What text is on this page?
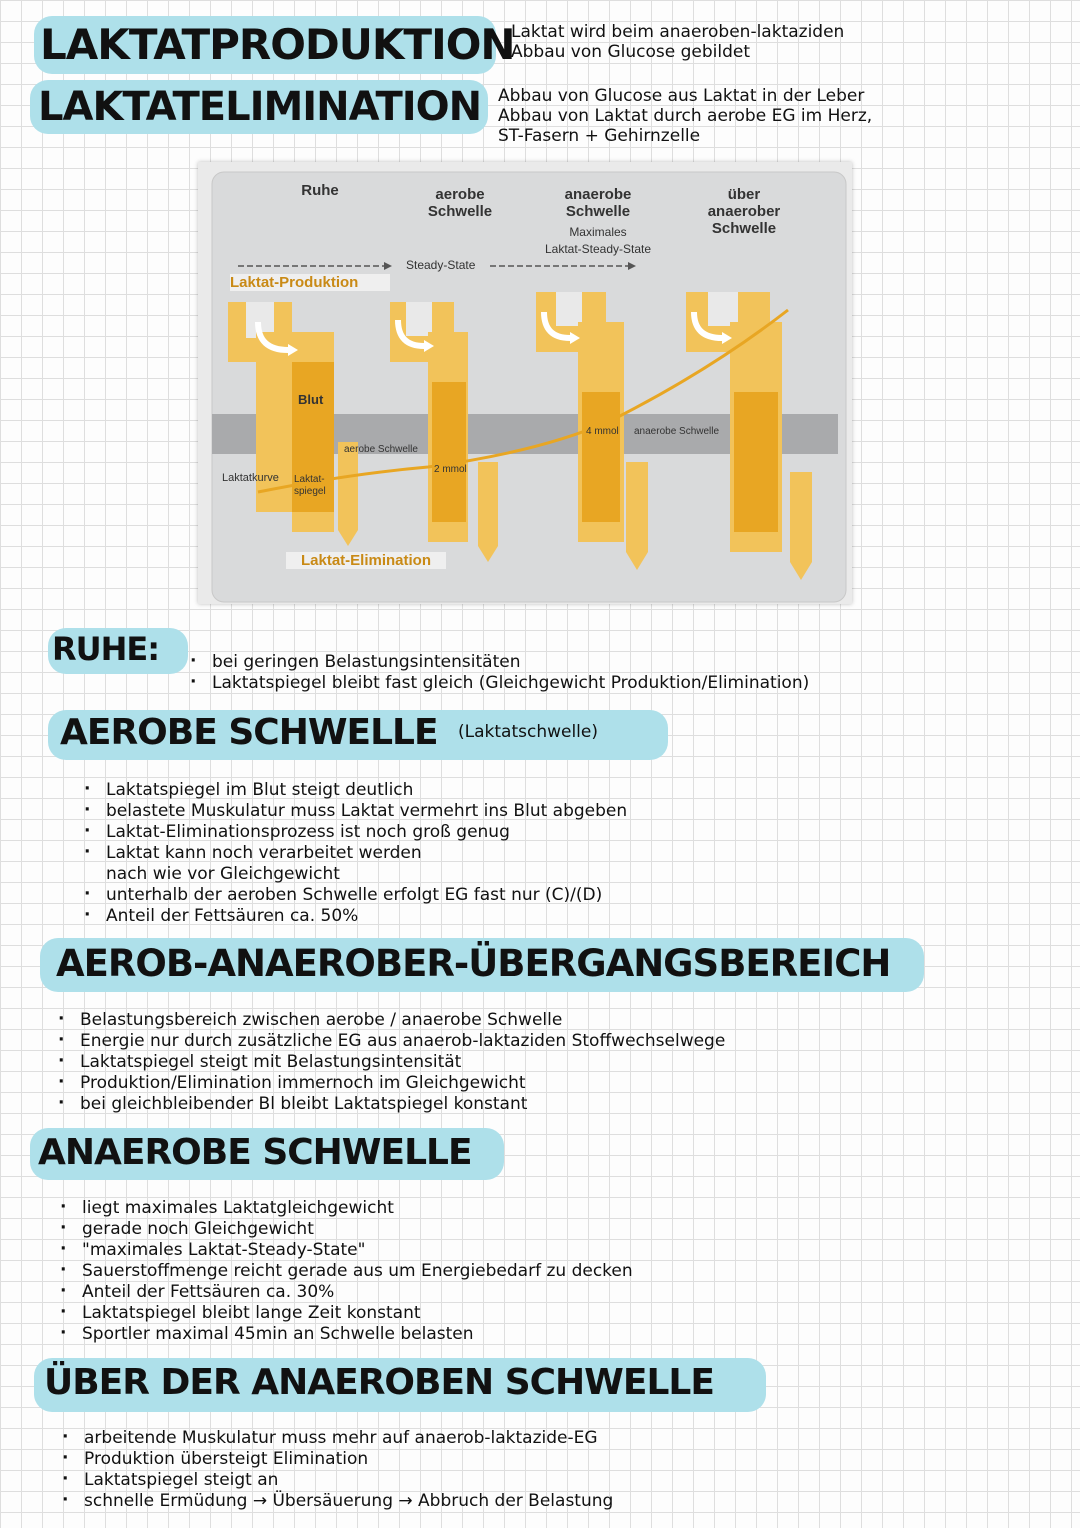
LAKTATPRODUKTION
Laktat wird beim anaeroben-laktaziden
Abbau von Glucose gebildet
LAKTATELIMINATION Abbau von Glucose aus Laktat in der Leber
Abbau von Laktat durch aerobe EG im Herz,
ST-Fasern + Gehirnzelle
Ruhe	aerobe
Schwelle
anaerobe
Schwelle
Maximales
Laktat-Steady-State
über
anaerober
Schwelle
Steady-State
Laktat-Produktion
Blut
aerobe Schwelle
2 mmol
4 mmol	anaerobe Schwelle
Laktatkurve	Laktat-
spiegel
Laktat-Elimination
RUHE:
·	bei geringen Belastungsintensitäten
· Laktatspiegel bleibt fast gleich (Gleichgewicht Produktion/Elimination)
AEROBE SCHWELLE (Laktatschwelle)
· Laktatspiegel im Blut steigt deutlich
· belastete Muskulatur muss Laktat vermehrt ins Blut abgeben
· Laktat-Eliminationsprozess ist noch groß genug
· Laktat kann noch verarbeitet werden
nach wie vor Gleichgewicht
· unterhalb der aeroben Schwelle erfolgt EG fast nur (C)/(D)
· Anteil der Fettsäuren ca. 50%
AEROB-ANAEROBER-ÜBERGANGSBEREICH
· Belastungsbereich zwischen aerobe / anaerobe Schwelle
· Energie nur durch zusätzliche EG aus anaerob-laktaziden Stoffwechselwege
· Laktatspiegel steigt mit Belastungsintensität
· Produktion/Elimination immernoch im Gleichgewicht
· bei gleichbleibender Bl bleibt Laktatspiegel konstant
ANAEROBE SCHWELLE
· liegt maximales Laktatgleichgewicht
· gerade noch Gleichgewicht
· "maximales Laktat-Steady-State"
· Sauerstoffmenge reicht gerade aus um Energiebedarf zu decken
· Anteil der Fettsäuren ca. 30%
· Laktatspiegel bleibt lange Zeit konstant
· Sportler maximal 45min an Schwelle belasten
ÜBER DER ANAEROBEN SCHWELLE
· arbeitende Muskulatur muss mehr auf anaerob-laktazide-EG
· Produktion übersteigt Elimination
· Laktatspiegel steigt an
· schnelle Ermüdung → Übersäuerung → Abbruch der Belastung
